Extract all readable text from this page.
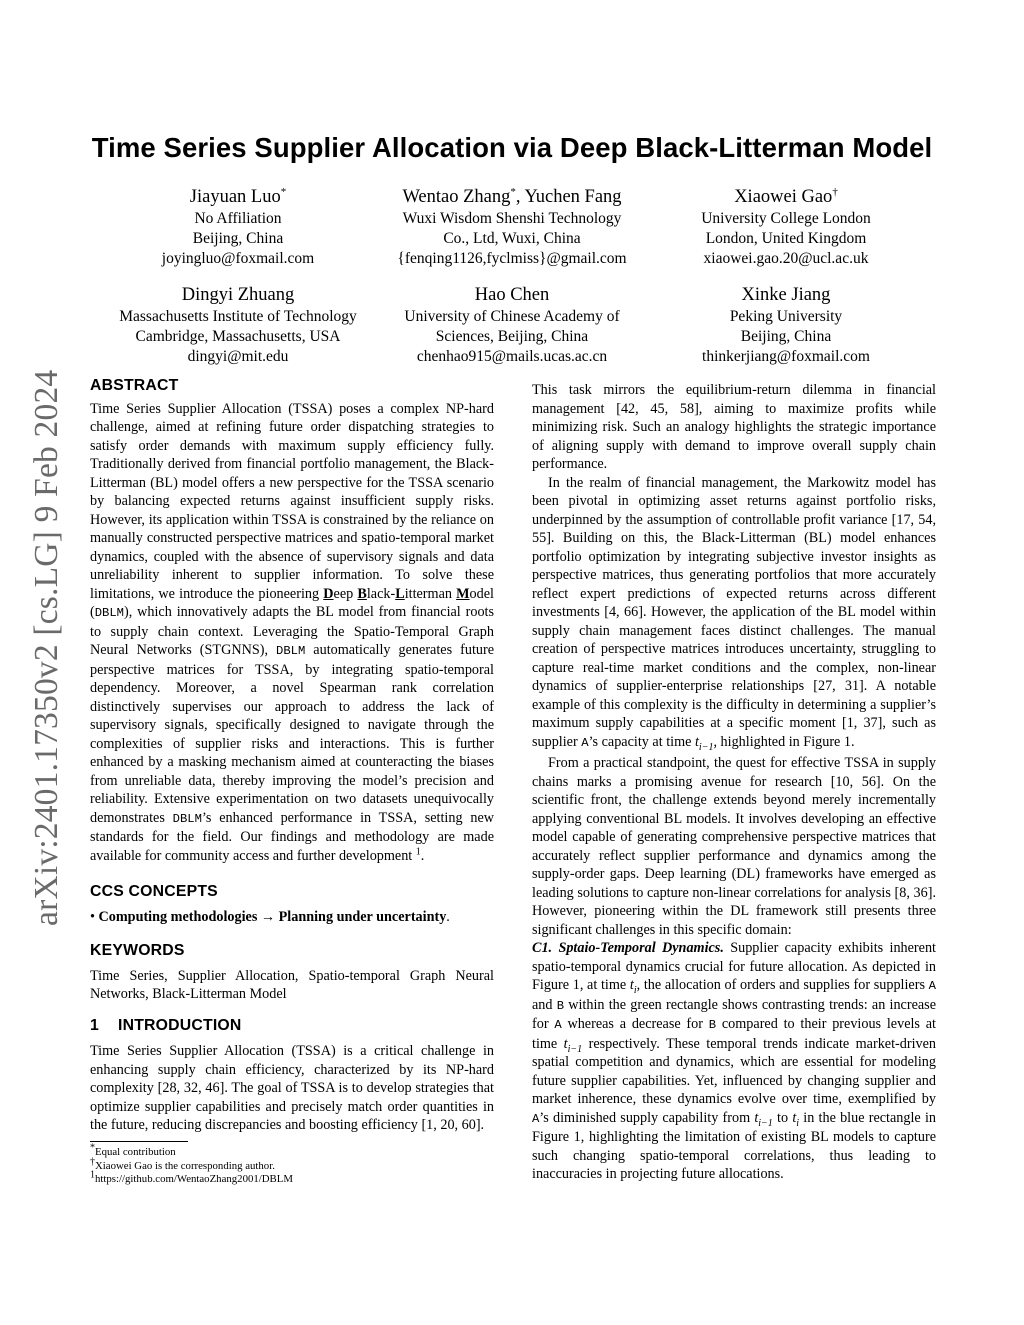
arXiv:2401.17350v2 [cs.LG] 9 Feb 2024
Time Series Supplier Allocation via Deep Black-Litterman Model
Jiayuan Luo*
No Affiliation
Beijing, China
joyingluo@foxmail.com
Wentao Zhang*, Yuchen Fang
Wuxi Wisdom Shenshi Technology
Co., Ltd, Wuxi, China
{fenqing1126,fyclmiss}@gmail.com
Xiaowei Gao†
University College London
London, United Kingdom
xiaowei.gao.20@ucl.ac.uk
Dingyi Zhuang
Massachusetts Institute of Technology
Cambridge, Massachusetts, USA
dingyi@mit.edu
Hao Chen
University of Chinese Academy of
Sciences, Beijing, China
chenhao915@mails.ucas.ac.cn
Xinke Jiang
Peking University
Beijing, China
thinkerjiang@foxmail.com
ABSTRACT

Time Series Supplier Allocation (TSSA) poses a complex NP-hard challenge, aimed at refining future order dispatching strategies to satisfy order demands with maximum supply efficiency fully. Traditionally derived from financial portfolio management, the Black-Litterman (BL) model offers a new perspective for the TSSA scenario by balancing expected returns against insufficient supply risks. However, its application within TSSA is constrained by the reliance on manually constructed perspective matrices and spatio-temporal market dynamics, coupled with the absence of supervisory signals and data unreliability inherent to supplier information. To solve these limitations, we introduce the pioneering Deep Black-Litterman Model (DBLM), which innovatively adapts the BL model from financial roots to supply chain context. Leveraging the Spatio-Temporal Graph Neural Networks (STGNNS), DBLM automatically generates future perspective matrices for TSSA, by integrating spatio-temporal dependency. Moreover, a novel Spearman rank correlation distinctively supervises our approach to address the lack of supervisory signals, specifically designed to navigate through the complexities of supplier risks and interactions. This is further enhanced by a masking mechanism aimed at counteracting the biases from unreliable data, thereby improving the model’s precision and reliability. Extensive experimentation on two datasets unequivocally demonstrates DBLM’s enhanced performance in TSSA, setting new standards for the field. Our findings and methodology are made available for community access and further development $^1$.

CCS CONCEPTS

• Computing methodologies → Planning under uncertainty.

KEYWORDS

Time Series, Supplier Allocation, Spatio-temporal Graph Neural Networks, Black-Litterman Model

1 INTRODUCTION

Time Series Supplier Allocation (TSSA) is a critical challenge in enhancing supply chain efficiency, characterized by its NP-hard complexity [28, 32, 46]. The goal of TSSA is to develop strategies that optimize supplier capabilities and precisely match order quantities in the future, reducing discrepancies and boosting efficiency [1, 20, 60].

*Equal contribution
†Xiaowei Gao is the corresponding author.
$^1$https://github.com/WentaoZhang2001/DBLM

This task mirrors the equilibrium-return dilemma in financial management [42, 45, 58], aiming to maximize profits while minimizing risk. Such an analogy highlights the strategic importance of aligning supply with demand to improve overall supply chain performance.

In the realm of financial management, the Markowitz model has been pivotal in optimizing asset returns against portfolio risks, underpinned by the assumption of controllable profit variance [17, 54, 55]. Building on this, the Black-Litterman (BL) model enhances portfolio optimization by integrating subjective investor insights as perspective matrices, thus generating portfolios that more accurately reflect expert predictions of expected returns across different investments [4, 66]. However, the application of the BL model within supply chain management faces distinct challenges. The manual creation of perspective matrices introduces uncertainty, struggling to capture real-time market conditions and the complex, non-linear dynamics of supplier-enterprise relationships [27, 31]. A notable example of this complexity is the difficulty in determining a supplier’s maximum supply capabilities at a specific moment [1, 37], such as supplier A’s capacity at time $t_{i-1}$, highlighted in Figure 1.

From a practical standpoint, the quest for effective TSSA in supply chains marks a promising avenue for research [10, 56]. On the scientific front, the challenge extends beyond merely incrementally applying conventional BL models. It involves developing an effective model capable of generating comprehensive perspective matrices that accurately reflect supplier performance and dynamics among the supply-order gaps. Deep learning (DL) frameworks have emerged as leading solutions to capture non-linear correlations for analysis [8, 36]. However, pioneering within the DL framework still presents three significant challenges in this specific domain:

C1. Sptaio-Temporal Dynamics. Supplier capacity exhibits inherent spatio-temporal dynamics crucial for future allocation. As depicted in Figure 1, at time $t_i$, the allocation of orders and supplies for suppliers A and B within the green rectangle shows contrasting trends: an increase for A whereas a decrease for B compared to their previous levels at time $t_{i-1}$ respectively. These temporal trends indicate market-driven spatial competition and dynamics, which are essential for modeling future supplier capabilities. Yet, influenced by changing supplier and market inherence, these dynamics evolve over time, exemplified by A’s diminished supply capability from $t_{i-1}$ to $t_i$ in the blue rectangle in Figure 1, highlighting the limitation of existing BL models to capture such changing spatio-temporal correlations, thus leading to inaccuracies in projecting future allocations.
